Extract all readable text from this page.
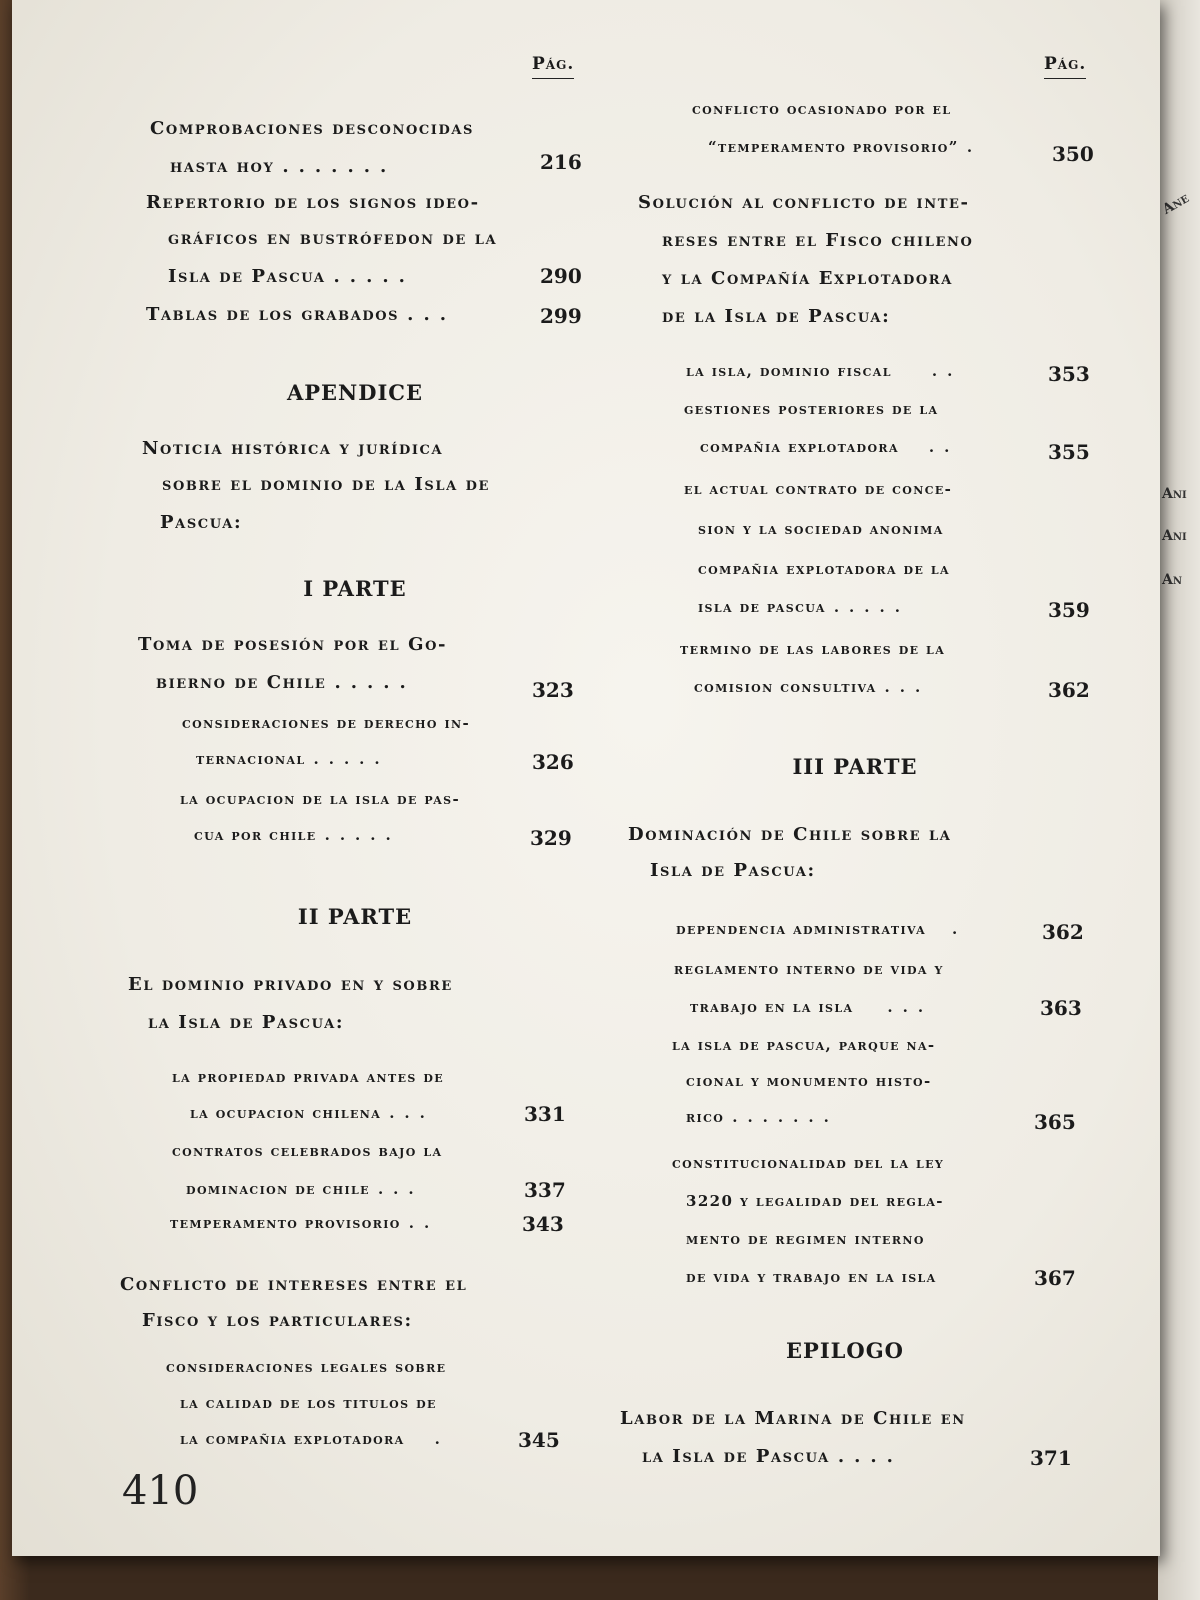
Ane
Ani
Ani
An
Pág.
Comprobaciones desconocidas
hasta hoy .......	216
Repertorio de los signos ideo-
gráficos en bustrófedon de la
Isla de Pascua .....	290
Tablas de los grabados ...	299
APENDICE
Noticia histórica y jurídica
sobre el dominio de la Isla de
Pascua:
I PARTE
Toma de posesión por el Go-
bierno de Chile .....	323
consideraciones de derecho in-
ternacional .....	326
la ocupacion de la isla de pas-
cua por chile .....	329
II PARTE
El dominio privado en y sobre
la Isla de Pascua:
la propiedad privada antes de
la ocupacion chilena ...	331
contratos celebrados bajo la
dominacion de chile ...	337
temperamento provisorio ..	343
Conflicto de intereses entre el
Fisco y los particulares:
consideraciones legales sobre
la calidad de los titulos de
la compañia explotadora .	345
Pág.
conflicto ocasionado por el
“temperamento provisorio” .	350
Solución al conflicto de inte-
reses entre el Fisco chileno
y la Compañía Explotadora
de la Isla de Pascua:
la isla, dominio fiscal	..	353
gestiones posteriores de la
compañia explotadora ..	355
el actual contrato de conce-
sion y la sociedad anonima
compañia explotadora de la
isla de pascua .....	359
termino de las labores de la
comision consultiva ...	362
III PARTE
Dominación de Chile sobre la
Isla de Pascua:
dependencia administrativa .	362
reglamento interno de vida y
trabajo en la isla ...	363
la isla de pascua, parque na-
cional y monumento histo-
rico .......	365
constitucionalidad del la ley
3220 y legalidad del regla-
mento de regimen interno
de vida y trabajo en la isla	367
EPILOGO
Labor de la Marina de Chile en
la Isla de Pascua ....	371
410
